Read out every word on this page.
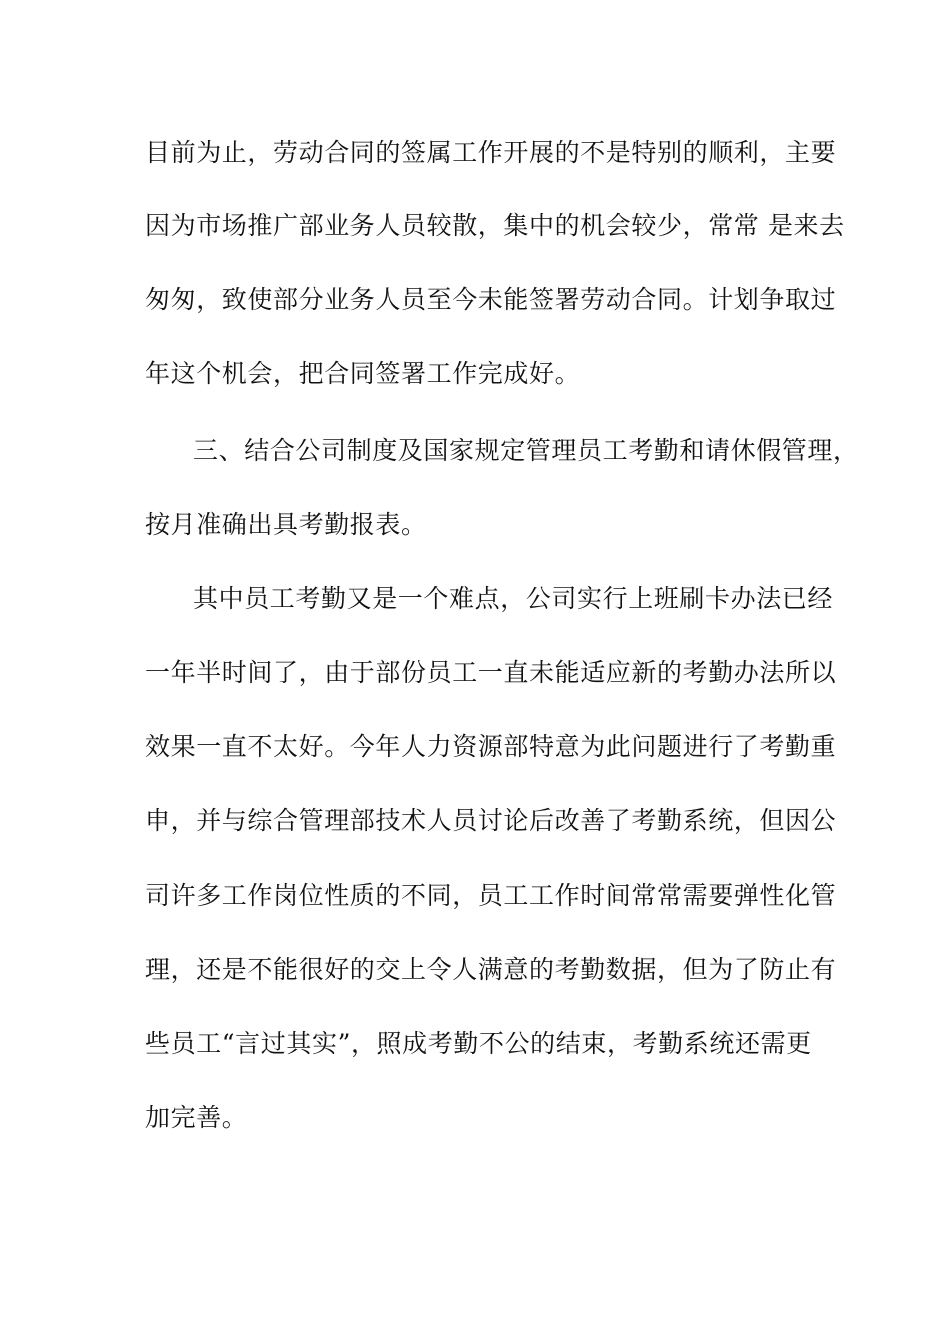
目前为止，劳动合同的签属工作开展的不是特别的顺利，主要
因为市场推广部业务人员较散，集中的机会较少，常常 是来去
匆匆，致使部分业务人员至今未能签署劳动合同。计划争取过
年这个机会，把合同签署工作完成好。
三、结合公司制度及国家规定管理员工考勤和请休假管理，
按月准确出具考勤报表。
其中员工考勤又是一个难点，公司实行上班刷卡办法已经
一年半时间了，由于部份员工一直未能适应新的考勤办法所以
效果一直不太好。今年人力资源部特意为此问题进行了考勤重
申，并与综合管理部技术人员讨论后改善了考勤系统，但因公
司许多工作岗位性质的不同，员工工作时间常常需要弹性化管
理，还是不能很好的交上令人满意的考勤数据，但为了防止有
些员工“言过其实”，照成考勤不公的结束，考勤系统还需更
加完善。
